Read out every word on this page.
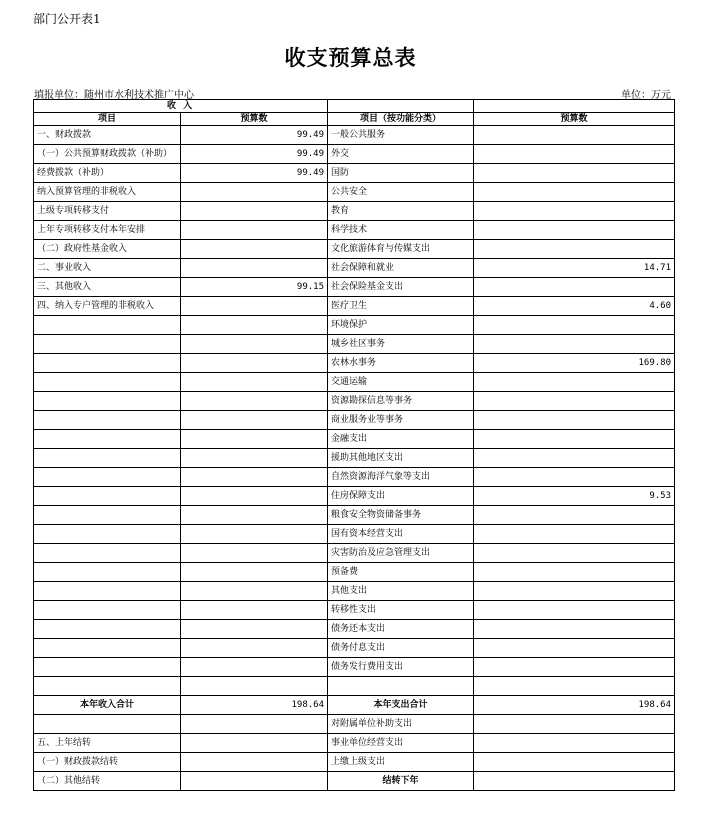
部门公开表1
收支预算总表
填报单位：随州市水利技术推广中心	单位：万元
收 入			
项目	预算数	项目（按功能分类）	预算数
一、财政拨款	99.49	一般公共服务	
（一）公共预算财政拨款（补助）	99.49	外交	
经费拨款（补助）	99.49	国防	
纳入预算管理的非税收入		公共安全	
上级专项转移支付		教育	
上年专项转移支付本年安排		科学技术	
（二）政府性基金收入		文化旅游体育与传媒支出	
二、事业收入		社会保障和就业	14.71
三、其他收入	99.15	社会保险基金支出	
四、纳入专户管理的非税收入		医疗卫生	4.60
		环境保护	
		城乡社区事务	
		农林水事务	169.80
		交通运输	
		资源勘探信息等事务	
		商业服务业等事务	
		金融支出	
		援助其他地区支出	
		自然资源海洋气象等支出	
		住房保障支出	9.53
		粮食安全物资储备事务	
		国有资本经营支出	
		灾害防治及应急管理支出	
		预备费	
		其他支出	
		转移性支出	
		债务还本支出	
		债务付息支出	
		债务发行费用支出	

本年收入合计	198.64	本年支出合计	198.64
		对附属单位补助支出	
五、上年结转		事业单位经营支出	
（一）财政拨款结转		上缴上级支出	
（二）其他结转		结转下年	
